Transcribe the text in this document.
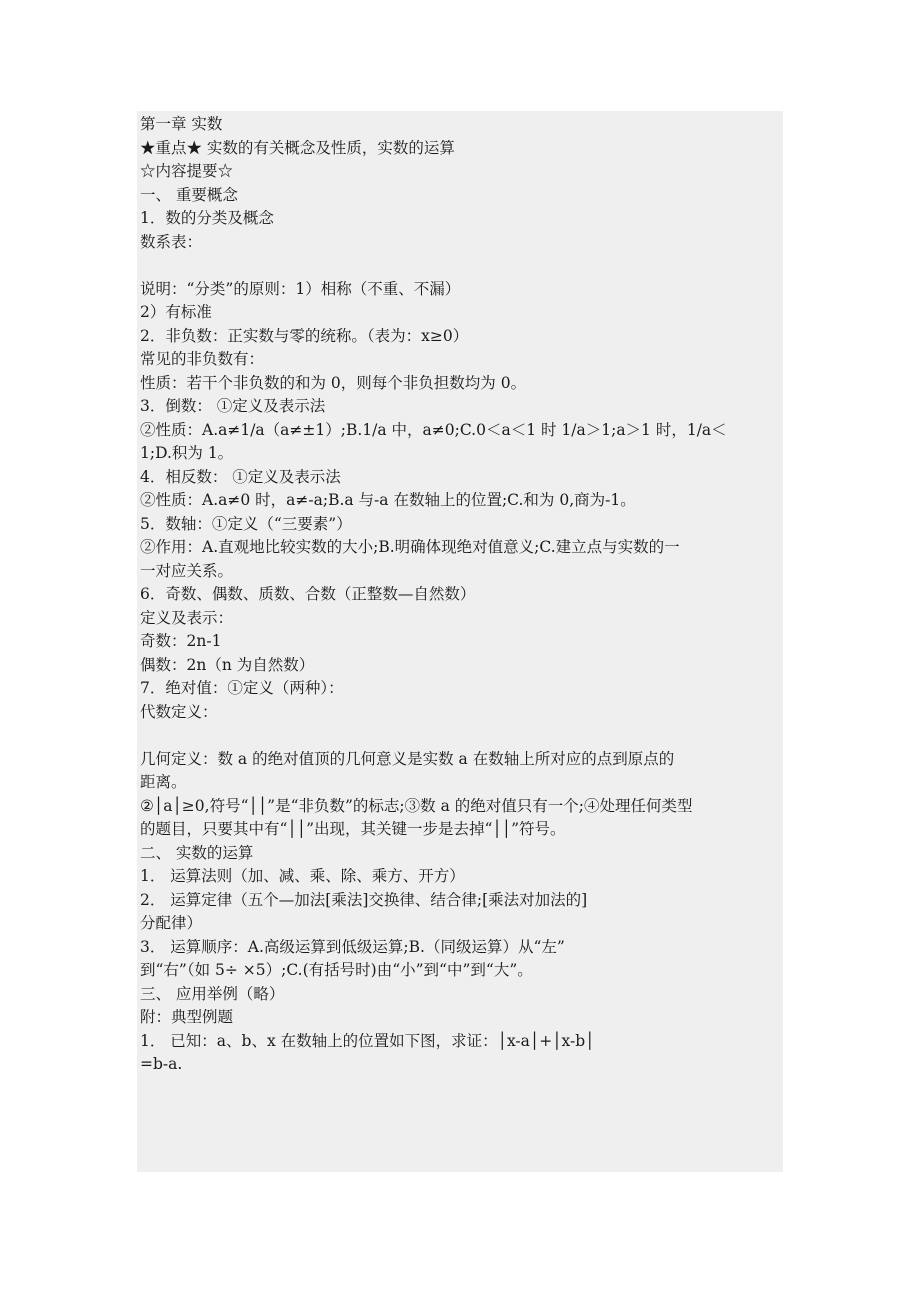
第一章 实数
★重点★ 实数的有关概念及性质，实数的运算
☆内容提要☆
一、 重要概念
1．数的分类及概念
数系表：
说明：“分类”的原则：1）相称（不重、不漏）
2）有标准
2．非负数：正实数与零的统称。（表为：x≥0）
常见的非负数有：
性质：若干个非负数的和为 0，则每个非负担数均为 0。
3．倒数： ①定义及表示法
②性质：A.a≠1/a（a≠±1）;B.1/a 中，a≠0;C.0＜a＜1 时 1/a＞1;a＞1 时，1/a＜
1;D.积为 1。
4．相反数： ①定义及表示法
②性质：A.a≠0 时，a≠-a;B.a 与-a 在数轴上的位置;C.和为 0,商为-1。
5．数轴：①定义（“三要素”）
②作用：A.直观地比较实数的大小;B.明确体现绝对值意义;C.建立点与实数的一
一对应关系。
6．奇数、偶数、质数、合数（正整数—自然数）
定义及表示：
奇数：2n-1
偶数：2n（n 为自然数）
7．绝对值：①定义（两种）：
代数定义：
几何定义：数 a 的绝对值顶的几何意义是实数 a 在数轴上所对应的点到原点的
距离。
②│a│≥0,符号“││”是“非负数”的标志;③数 a 的绝对值只有一个;④处理任何类型
的题目，只要其中有“││”出现，其关键一步是去掉“││”符号。
二、 实数的运算
1． 运算法则（加、减、乘、除、乘方、开方）
2． 运算定律（五个—加法[乘法]交换律、结合律;[乘法对加法的]
分配律）
3． 运算顺序：A.高级运算到低级运算;B.（同级运算）从“左”
到“右”（如 5÷ ×5）;C.(有括号时)由“小”到“中”到“大”。
三、 应用举例（略）
附：典型例题
1． 已知：a、b、x 在数轴上的位置如下图，求证：│x-a│+│x-b│
=b-a.
